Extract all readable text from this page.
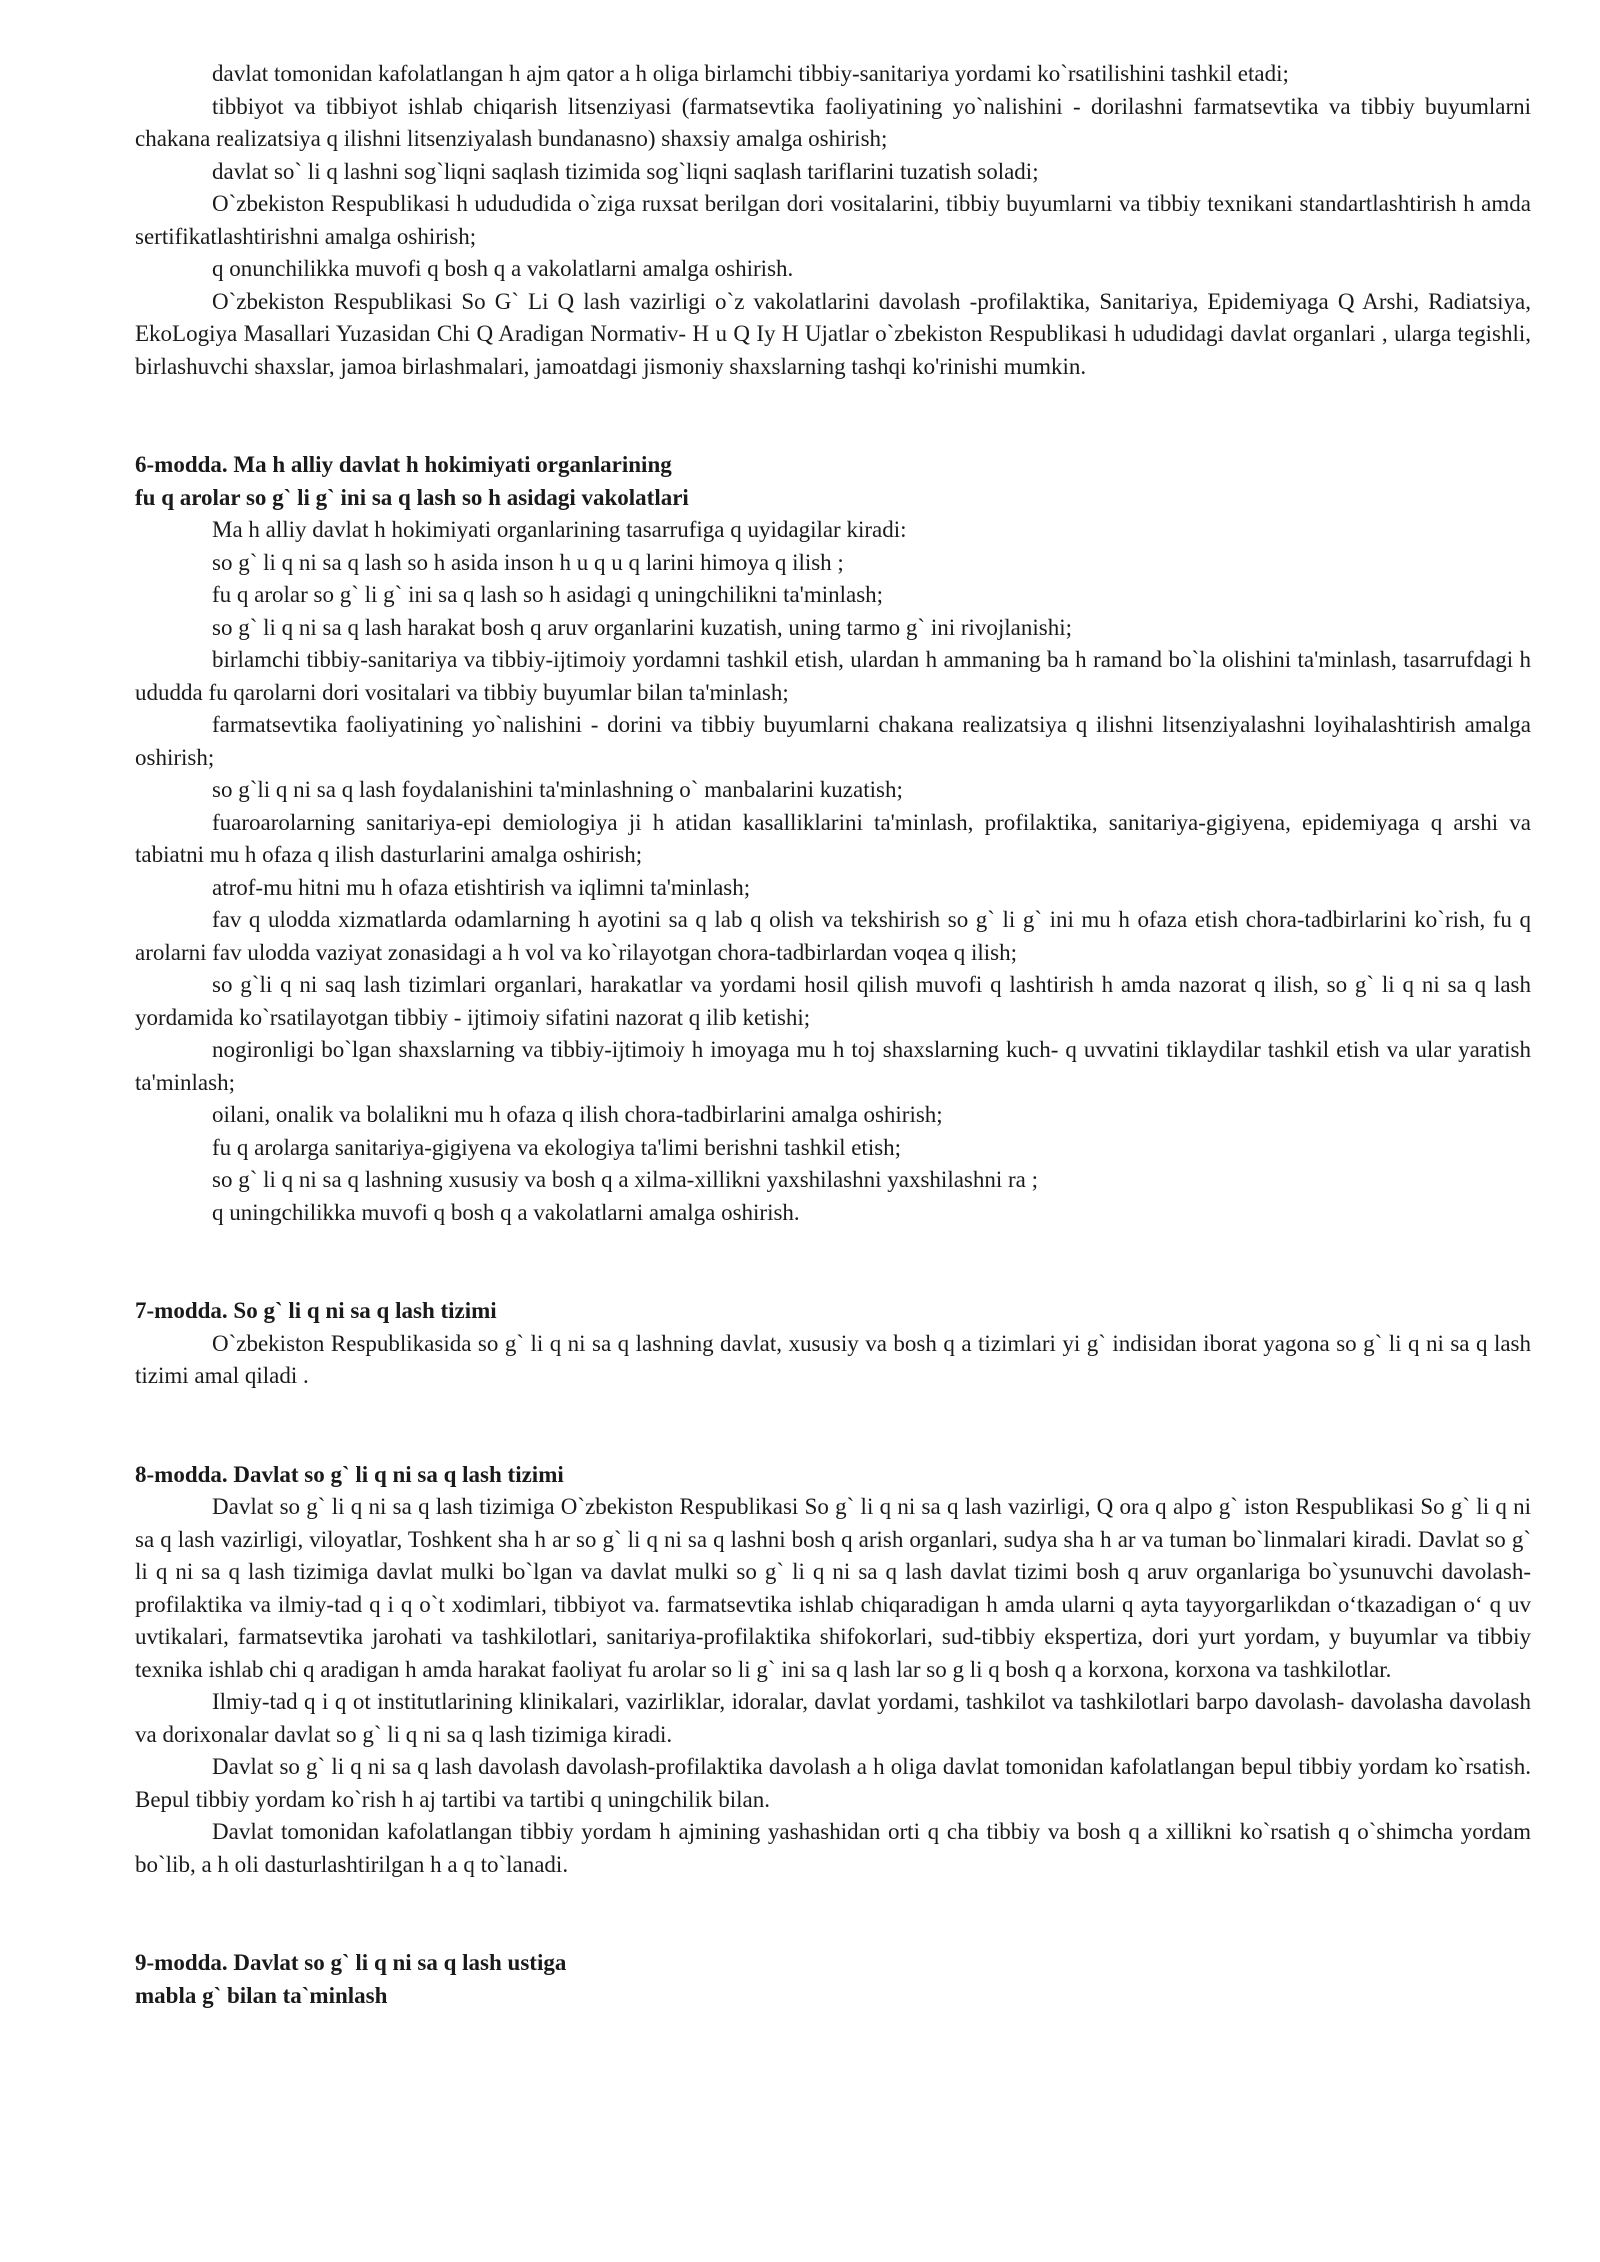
davlat tomonidan kafolatlangan h ajm qator a h oliga birlamchi tibbiy-sanitariya yordami ko`rsatilishini tashkil etadi;

tibbiyot va tibbiyot ishlab chiqarish litsenziyasi (farmatsevtika faoliyatining yo`nalishini - dorilashni farmatsevtika va tibbiy buyumlarni chakana realizatsiya q ilishni litsenziyalash bundanasno) shaxsiy amalga oshirish;

davlat so` li q lashni sog`liqni saqlash tizimida sog`liqni saqlash tariflarini tuzatish soladi;

O`zbekiston Respublikasi h udududida o`ziga ruxsat berilgan dori vositalarini, tibbiy buyumlarni va tibbiy texnikani standartlashtirish h amda sertifikatlashtirishni amalga oshirish;

q onunchilikka muvofi q bosh q a vakolatlarni amalga oshirish.

O`zbekiston Respublikasi So G` Li Q lash vazirligi o`z vakolatlarini davolash -profilaktika, Sanitariya, Epidemiyaga Q Arshi, Radiatsiya, EkoLogiya Masallari Yuzasidan Chi Q Aradigan Normativ- H u Q Iy H Ujatlar o`zbekiston Respublikasi h ududidagi davlat organlari , ularga tegishli, birlashuvchi shaxslar, jamoa birlashmalari, jamoatdagi jismoniy shaxslarning tashqi ko'rinishi mumkin.

6-modda. Ma h alliy davlat h hokimiyati organlarining
fu q arolar so g` li g` ini sa q lash so h asidagi vakolatlari

Ma h alliy davlat h hokimiyati organlarining tasarrufiga q uyidagilar kiradi:

so g` li q ni sa q lash so h asida inson h u q u q larini himoya q ilish ;

fu q arolar so g` li g` ini sa q lash so h asidagi q uningchilikni ta'minlash;

so g` li q ni sa q lash harakat bosh q aruv organlarini kuzatish, uning tarmo g` ini rivojlanishi;

birlamchi tibbiy-sanitariya va tibbiy-ijtimoiy yordamni tashkil etish, ulardan h ammaning ba h ramand bo`la olishini ta'minlash, tasarrufdagi h ududda fu qarolarni dori vositalari va tibbiy buyumlar bilan ta'minlash;

farmatsevtika faoliyatining yo`nalishini - dorini va tibbiy buyumlarni chakana realizatsiya q ilishni litsenziyalashni loyihalashtirish amalga oshirish;

so g`li q ni sa q lash foydalanishini ta'minlashning o` manbalarini kuzatish;

fuaroarolarning sanitariya-epi demiologiya ji h atidan kasalliklarini ta'minlash, profilaktika, sanitariya-gigiyena, epidemiyaga q arshi va tabiatni mu h ofaza q ilish dasturlarini amalga oshirish;

atrof-mu hitni mu h ofaza etishtirish va iqlimni ta'minlash;

fav q ulodda xizmatlarda odamlarning h ayotini sa q lab q olish va tekshirish so g` li g` ini mu h ofaza etish chora-tadbirlarini ko`rish, fu q arolarni fav ulodda vaziyat zonasidagi a h vol va ko`rilayotgan chora-tadbirlardan voqea q ilish;

so g`li q ni saq lash tizimlari organlari, harakatlar va yordami hosil qilish muvofi q lashtirish h amda nazorat q ilish, so g` li q ni sa q lash yordamida ko`rsatilayotgan tibbiy - ijtimoiy sifatini nazorat q ilib ketishi;

nogironligi bo`lgan shaxslarning va tibbiy-ijtimoiy h imoyaga mu h toj shaxslarning kuch- q uvvatini tiklaydilar tashkil etish va ular yaratish ta'minlash;

oilani, onalik va bolalikni mu h ofaza q ilish chora-tadbirlarini amalga oshirish;

fu q arolarga sanitariya-gigiyena va ekologiya ta'limi berishni tashkil etish;

so g` li q ni sa q lashning xususiy va bosh q a xilma-xillikni yaxshilashni yaxshilashni ra ;

q uningchilikka muvofi q bosh q a vakolatlarni amalga oshirish.

7-modda. So g` li q ni sa q lash tizimi

O`zbekiston Respublikasida so g` li q ni sa q lashning davlat, xususiy va bosh q a tizimlari yi g` indisidan iborat yagona so g` li q ni sa q lash tizimi amal qiladi .

8-modda. Davlat so g` li q ni sa q lash tizimi

Davlat so g` li q ni sa q lash tizimiga O`zbekiston Respublikasi So g` li q ni sa q lash vazirligi, Q ora q alpo g` iston Respublikasi So g` li q ni sa q lash vazirligi, viloyatlar, Toshkent sha h ar so g` li q ni sa q lashni bosh q arish organlari, sudya sha h ar va tuman bo`linmalari kiradi. Davlat so g` li q ni sa q lash tizimiga davlat mulki bo`lgan va davlat mulki so g` li q ni sa q lash davlat tizimi bosh q aruv organlariga bo`ysunuvchi davolash-profilaktika va ilmiy-tad q i q o`t xodimlari, tibbiyot va. farmatsevtika ishlab chiqaradigan h amda ularni q ayta tayyorgarlikdan o‘tkazadigan o‘ q uv uvtikalari, farmatsevtika jarohati va tashkilotlari, sanitariya-profilaktika shifokorlari, sud-tibbiy ekspertiza, dori yurt yordam, y buyumlar va tibbiy texnika ishlab chi q aradigan h amda harakat faoliyat fu arolar so li g` ini sa q lash lar so g li q bosh q a korxona, korxona va tashkilotlar.

Ilmiy-tad q i q ot institutlarining klinikalari, vazirliklar, idoralar, davlat yordami, tashkilot va tashkilotlari barpo davolash- davolasha davolash va dorixonalar davlat so g` li q ni sa q lash tizimiga kiradi.

Davlat so g` li q ni sa q lash davolash davolash-profilaktika davolash a h oliga davlat tomonidan kafolatlangan bepul tibbiy yordam ko`rsatish. Bepul tibbiy yordam ko`rish h aj tartibi va tartibi q uningchilik bilan.

Davlat tomonidan kafolatlangan tibbiy yordam h ajmining yashashidan orti q cha tibbiy va bosh q a xillikni ko`rsatish q o`shimcha yordam bo`lib, a h oli dasturlashtirilgan h a q to`lanadi.

9-modda. Davlat so g` li q ni sa q lash ustiga
mabla g` bilan ta`minlash
